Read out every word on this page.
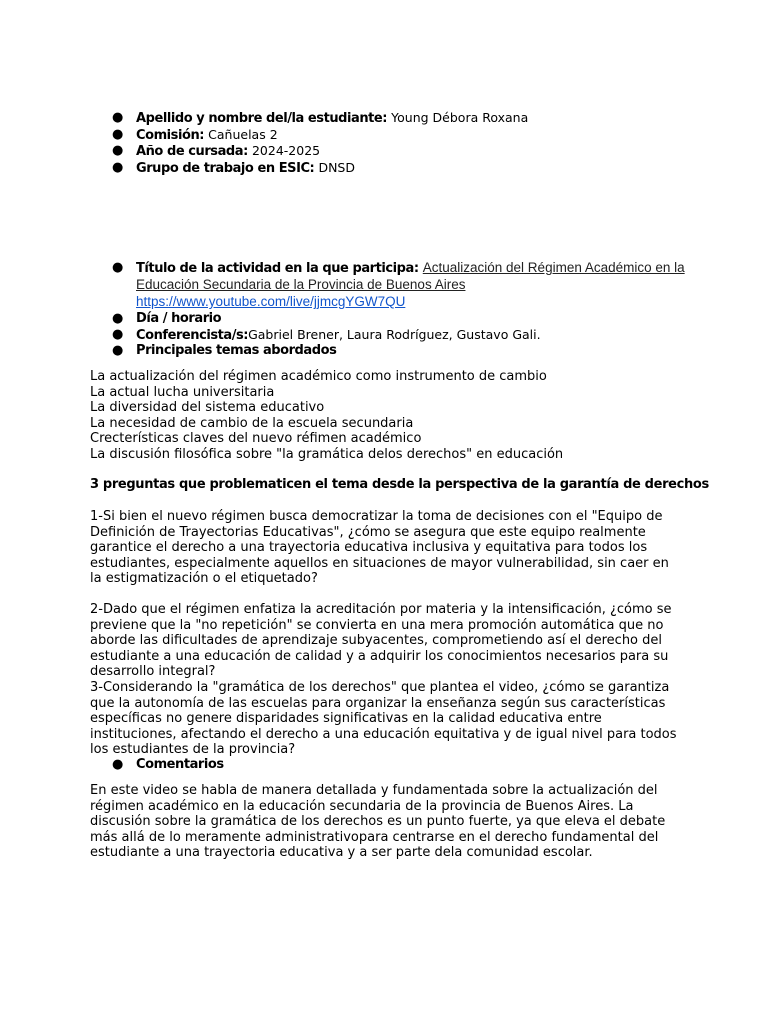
● Apellido y nombre del/la estudiante: Young Débora Roxana
● Comisión: Cañuelas 2
● Año de cursada: 2024-2025
● Grupo de trabajo en ESIC: DNSD
● Título de la actividad en la que participa: Actualización del Régimen Académico en la
Educación Secundaria de la Provincia de Buenos Aires
https://www.youtube.com/live/jjmcgYGW7QU
● Día / horario
● Conferencista/s:Gabriel Brener, Laura Rodríguez, Gustavo Gali.
● Principales temas abordados
La actualización del régimen académico como instrumento de cambio
La actual lucha universitaria
La diversidad del sistema educativo
La necesidad de cambio de la escuela secundaria
Crecterísticas claves del nuevo réfimen académico
La discusión filosófica sobre "la gramática delos derechos" en educación
3 preguntas que problematicen el tema desde la perspectiva de la garantía de derechos
1-Si bien el nuevo régimen busca democratizar la toma de decisiones con el "Equipo de Definición de Trayectorias Educativas", ¿cómo se asegura que este equipo realmente garantice el derecho a una trayectoria educativa inclusiva y equitativa para todos los estudiantes, especialmente aquellos en situaciones de mayor vulnerabilidad, sin caer en la estigmatización o el etiquetado?
2-Dado que el régimen enfatiza la acreditación por materia y la intensificación, ¿cómo se previene que la "no repetición" se convierta en una mera promoción automática que no aborde las dificultades de aprendizaje subyacentes, comprometiendo así el derecho del estudiante a una educación de calidad y a adquirir los conocimientos necesarios para su desarrollo integral?
3-Considerando la "gramática de los derechos" que plantea el video, ¿cómo se garantiza que la autonomía de las escuelas para organizar la enseñanza según sus características específicas no genere disparidades significativas en la calidad educativa entre instituciones, afectando el derecho a una educación equitativa y de igual nivel para todos los estudiantes de la provincia?
● Comentarios
En este video se habla de manera detallada y fundamentada sobre la actualización del régimen académico en la educación secundaria de la provincia de Buenos Aires. La discusión sobre la gramática de los derechos es un punto fuerte, ya que eleva el debate más allá de lo meramente administrativopara centrarse en el derecho fundamental del estudiante a una trayectoria educativa y a ser parte dela comunidad escolar.
